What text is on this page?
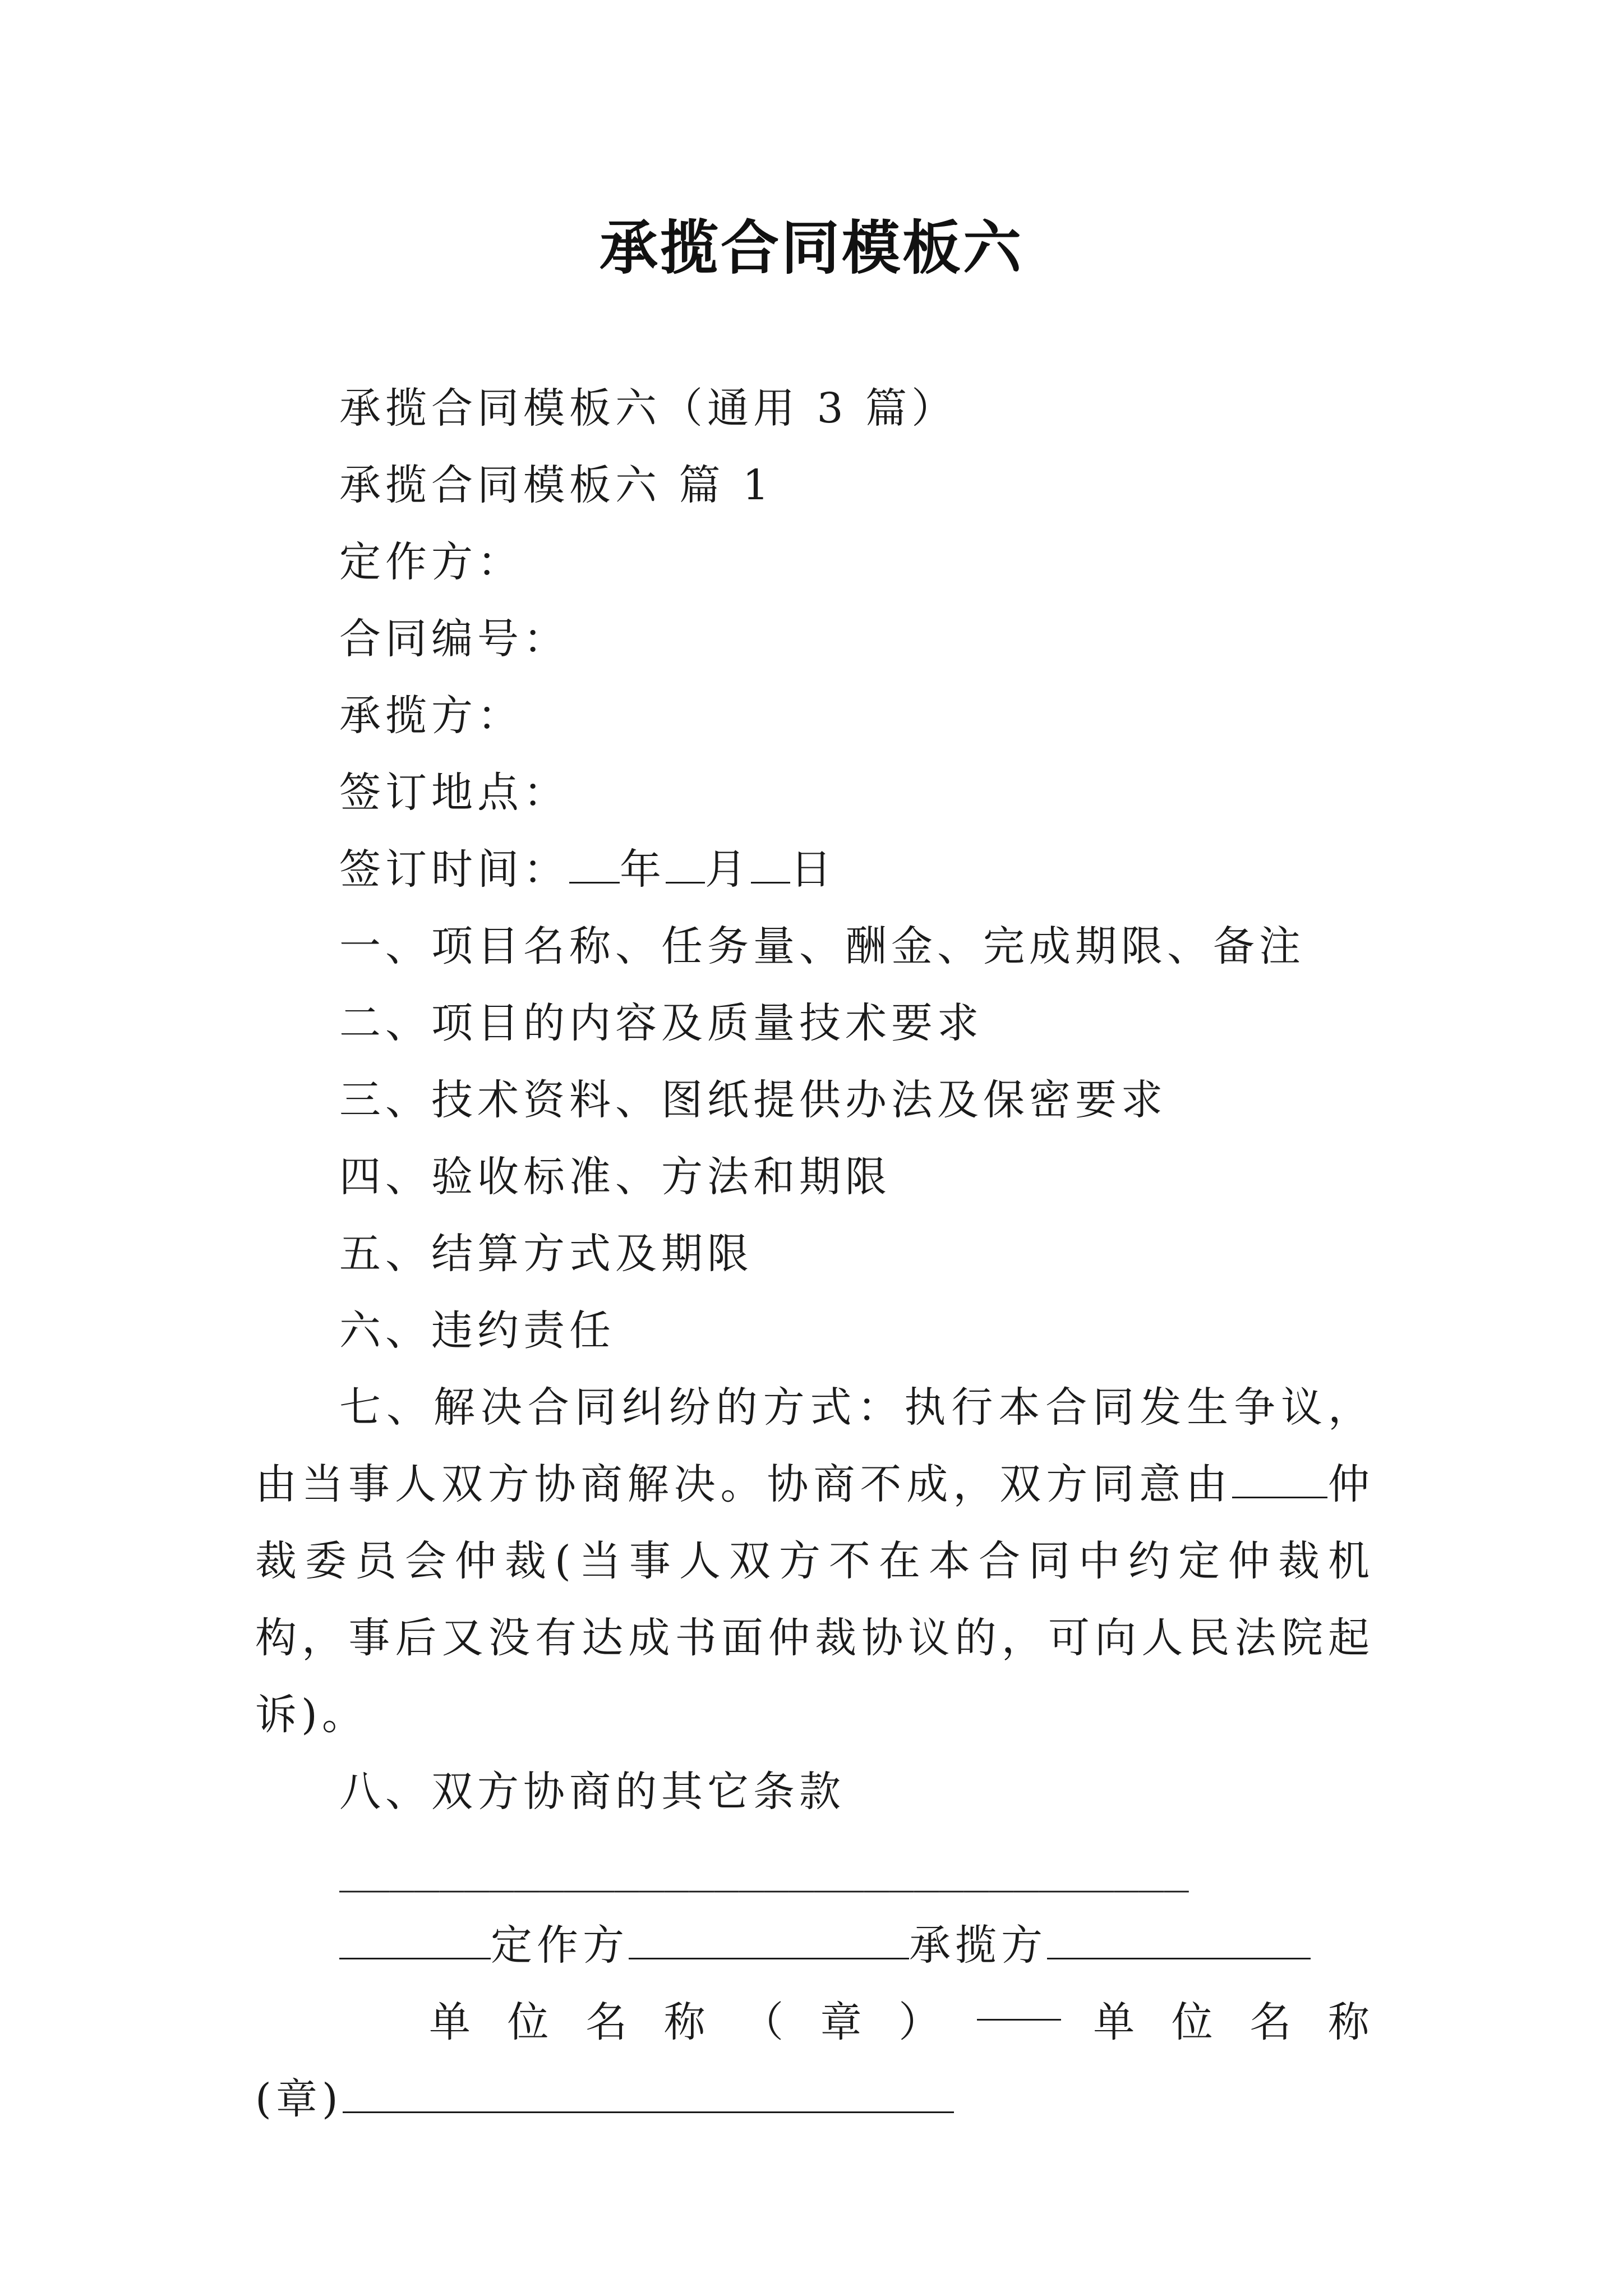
承揽合同模板六

承揽合同模板六（通用 3 篇）

承揽合同模板六 篇 1

定作方：

合同编号：

承揽方：

签订地点：

签订时间： 年 月 日

一、项目名称、任务量、酬金、完成期限、备注

二、项目的内容及质量技术要求

三、技术资料、图纸提供办法及保密要求

四、验收标准、方法和期限

五、结算方式及期限

六、违约责任

七、解决合同纠纷的方式：执行本合同发生争议，由当事人双方协商解决。协商不成，双方同意由 仲裁委员会仲裁(当事人双方不在本合同中约定仲裁机构，事后又没有达成书面仲裁协议的，可向人民法院起诉)。

八、双方协商的其它条款

__________________________________

定作方	承揽方

单 位 名 称 （ 章 ）	单 位 名 称

(章)
